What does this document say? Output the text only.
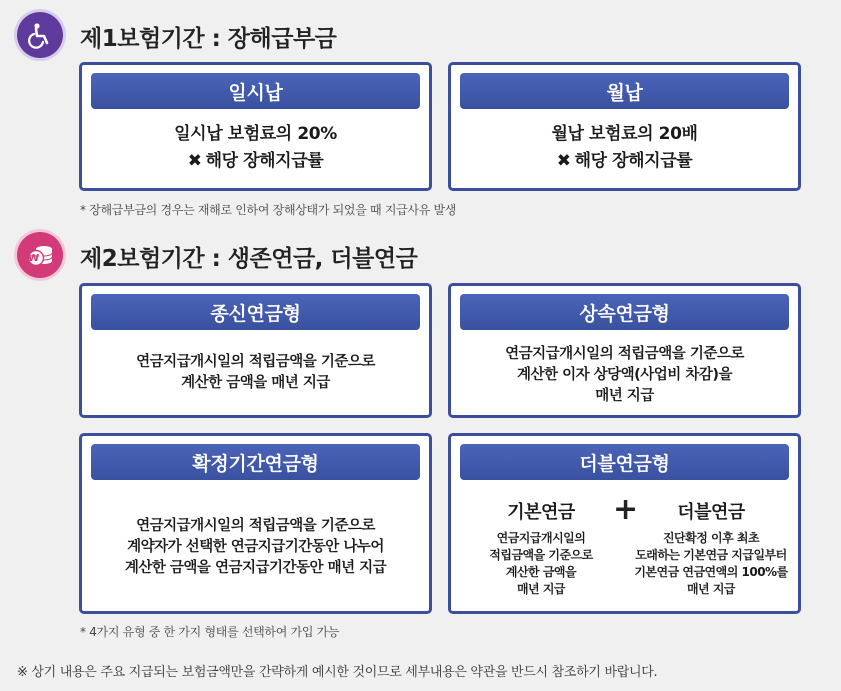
제1보험기간 : 장해급부금
일시납
일시납 보험료의 20%
✖ 해당 장해지급률
월납
월납 보험료의 20배
✖ 해당 장해지급률
* 장해급부금의 경우는 재해로 인하여 장해상태가 되었을 때 지급사유 발생
₩ 제2보험기간 : 생존연금, 더블연금
종신연금형
연금지급개시일의 적립금액을 기준으로
계산한 금액을 매년 지급
상속연금형
연금지급개시일의 적립금액을 기준으로
계산한 이자 상당액(사업비 차감)을
매년 지급
확정기간연금형
연금지급개시일의 적립금액을 기준으로
계약자가 선택한 연금지급기간동안 나누어
계산한 금액을 연금지급기간동안 매년 지급
더블연금형
기본연금
연금지급개시일의
적립금액을 기준으로
계산한 금액을
매년 지급
+	더블연금
진단확정 이후 최초
도래하는 기본연금 지급일부터
기본연금 연금연액의 100%를
매년 지급
* 4가지 유형 중 한 가지 형태를 선택하여 가입 가능
※ 상기 내용은 주요 지급되는 보험금액만을 간략하게 예시한 것이므로 세부내용은 약관을 반드시 참조하기 바랍니다.
